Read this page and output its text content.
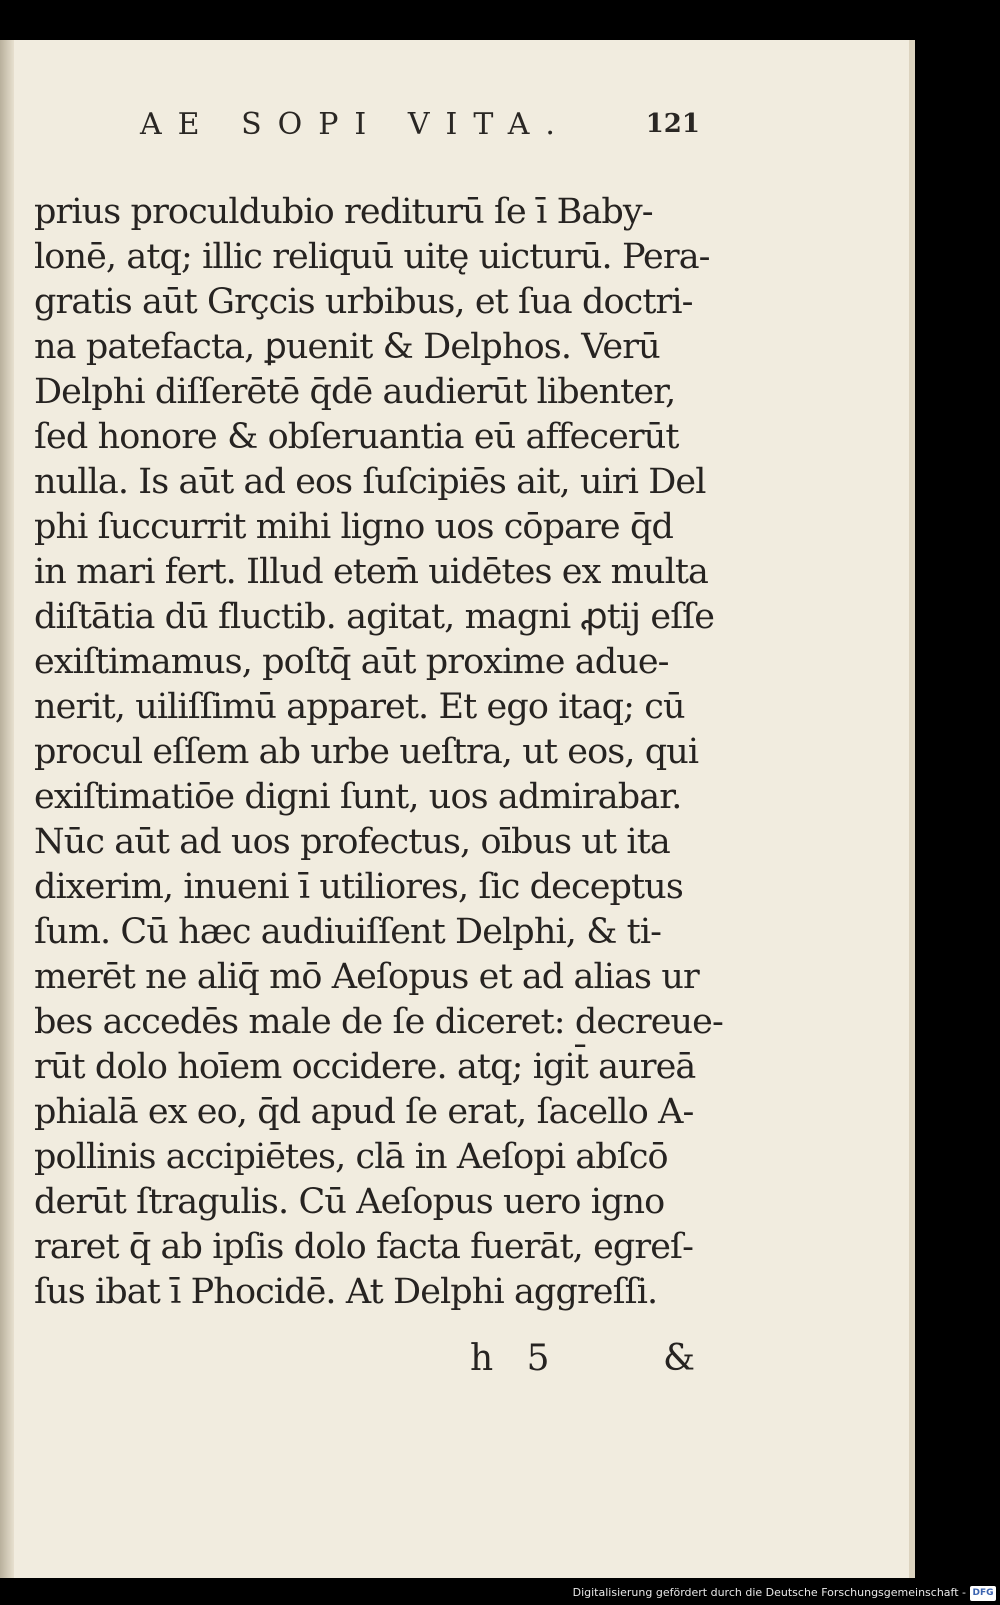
AE SOPI VITA.	121
prius proculdubio rediturū ſe ī Baby‐
lonē, atq; illic reliquū uitę uicturū. Pera‐
gratis aūt Grçcis urbibus, et ſua doctri‐
na patefacta, ꝑuenit & Delphos. Verū
Delphi diſſerētē q̄dē audierūt libenter,
ſed honore & obſeruantia eū affecerūt
nulla. Is aūt ad eos ſuſcipiēs ait, uiri Del
phi ſuccurrit mihi ligno uos cōpare q̄d
in mari fert. Illud etem̄ uidētes ex multa
diſtātia dū fluctib. agitat, magni ꝓtij eſſe
exiſtimamus, poſtq̄ aūt proxime adue‐
nerit, uiliſſimū apparet. Et ego itaq; cū
procul eſſem ab urbe ueſtra, ut eos, qui
exiſtimatiōe digni ſunt, uos admirabar.
Nūc aūt ad uos profectus, oībus ut ita
dixerim, inueni ī utiliores, ſic deceptus
ſum. Cū hæc audiuiſſent Delphi, & ti‐
merēt ne aliq̄ mō Aeſopus et ad alias ur
bes accedēs male de ſe diceret: decreue‐
rūt dolo hoīem occidere. atq; igit̄ aureā
phialā ex eo, q̄d apud ſe erat, ſacello A‐
pollinis accipiētes, clā in Aeſopi abſcō
derūt ſtragulis. Cū Aeſopus uero igno
raret q̄ ab ipſis dolo facta fuerāt, egreſ‐
ſus ibat ī Phocidē. At Delphi aggreſſi.
h 5	&
Digitalisierung gefördert durch die Deutsche Forschungsgemeinschaft - DFG
